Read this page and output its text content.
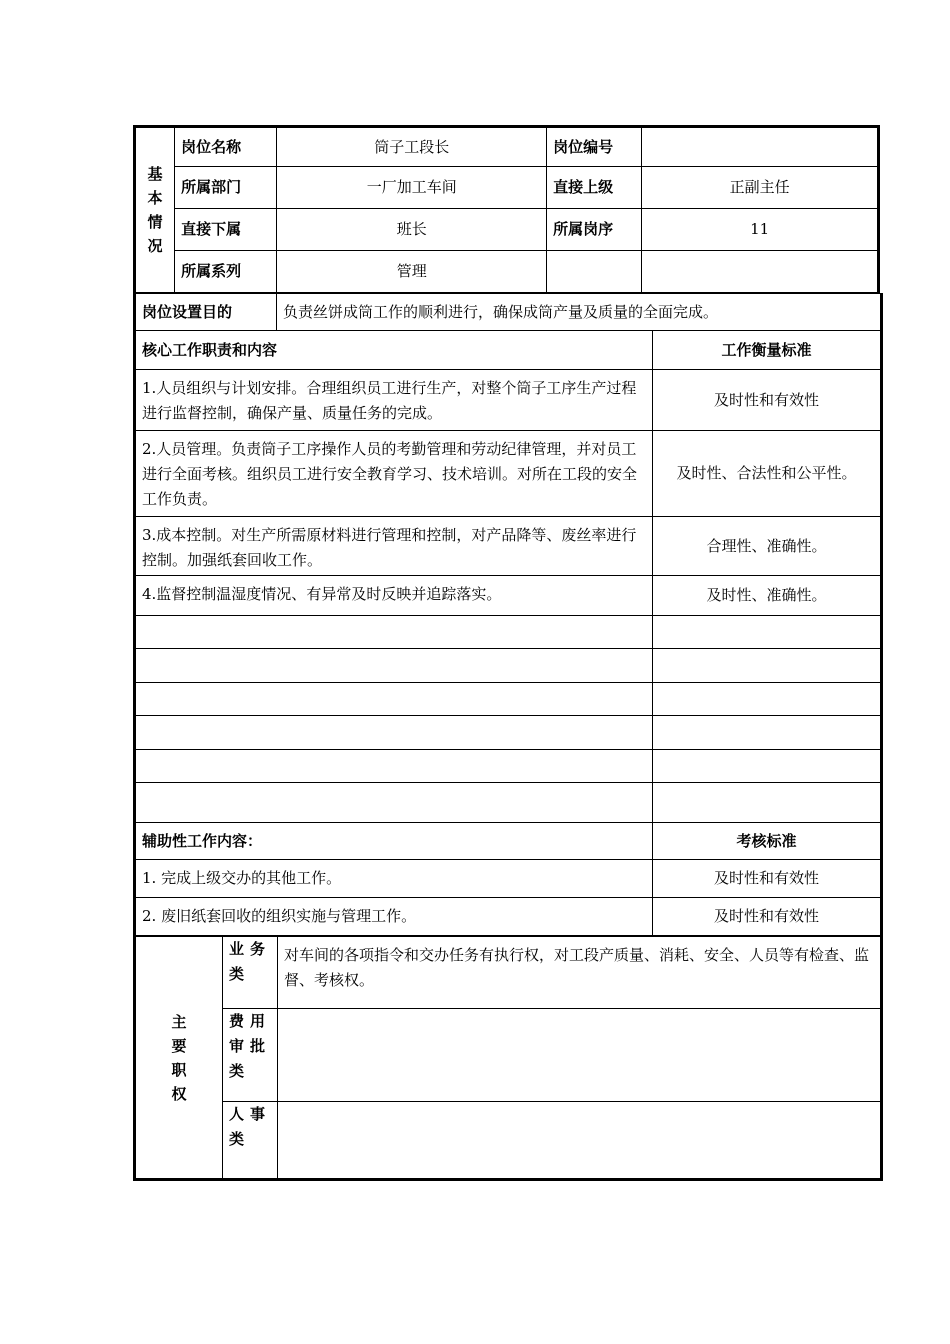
基
本
情
况	岗位名称	筒子工段长	岗位编号	
	所属部门	一厂加工车间	直接上级	正副主任
	直接下属	班长	所属岗序	11
	所属系列	管理		
岗位设置目的	负责丝饼成筒工作的顺利进行，确保成筒产量及质量的全面完成。	
核心工作职责和内容		工作衡量标准
1.人员组织与计划安排。合理组织员工进行生产，对整个筒子工序生产过程进行监督控制，确保产量、质量任务的完成。		及时性和有效性
2.人员管理。负责筒子工序操作人员的考勤管理和劳动纪律管理，并对员工进行全面考核。组织员工进行安全教育学习、技术培训。对所在工段的安全工作负责。		及时性、合法性和公平性。
3.成本控制。对生产所需原材料进行管理和控制，对产品降等、废丝率进行控制。加强纸套回收工作。		合理性、准确性。
4.监督控制温湿度情况、有异常及时反映并追踪落实。		及时性、准确性。

辅助性工作内容：		考核标准
1. 完成上级交办的其他工作。		及时性和有效性
2. 废旧纸套回收的组织实施与管理工作。		及时性和有效性
主
要
职
权	业务类	对车间的各项指令和交办任务有执行权，对工段产质量、消耗、安全、人员等有检查、监督、考核权。
	费用审批类	
	人事类	
